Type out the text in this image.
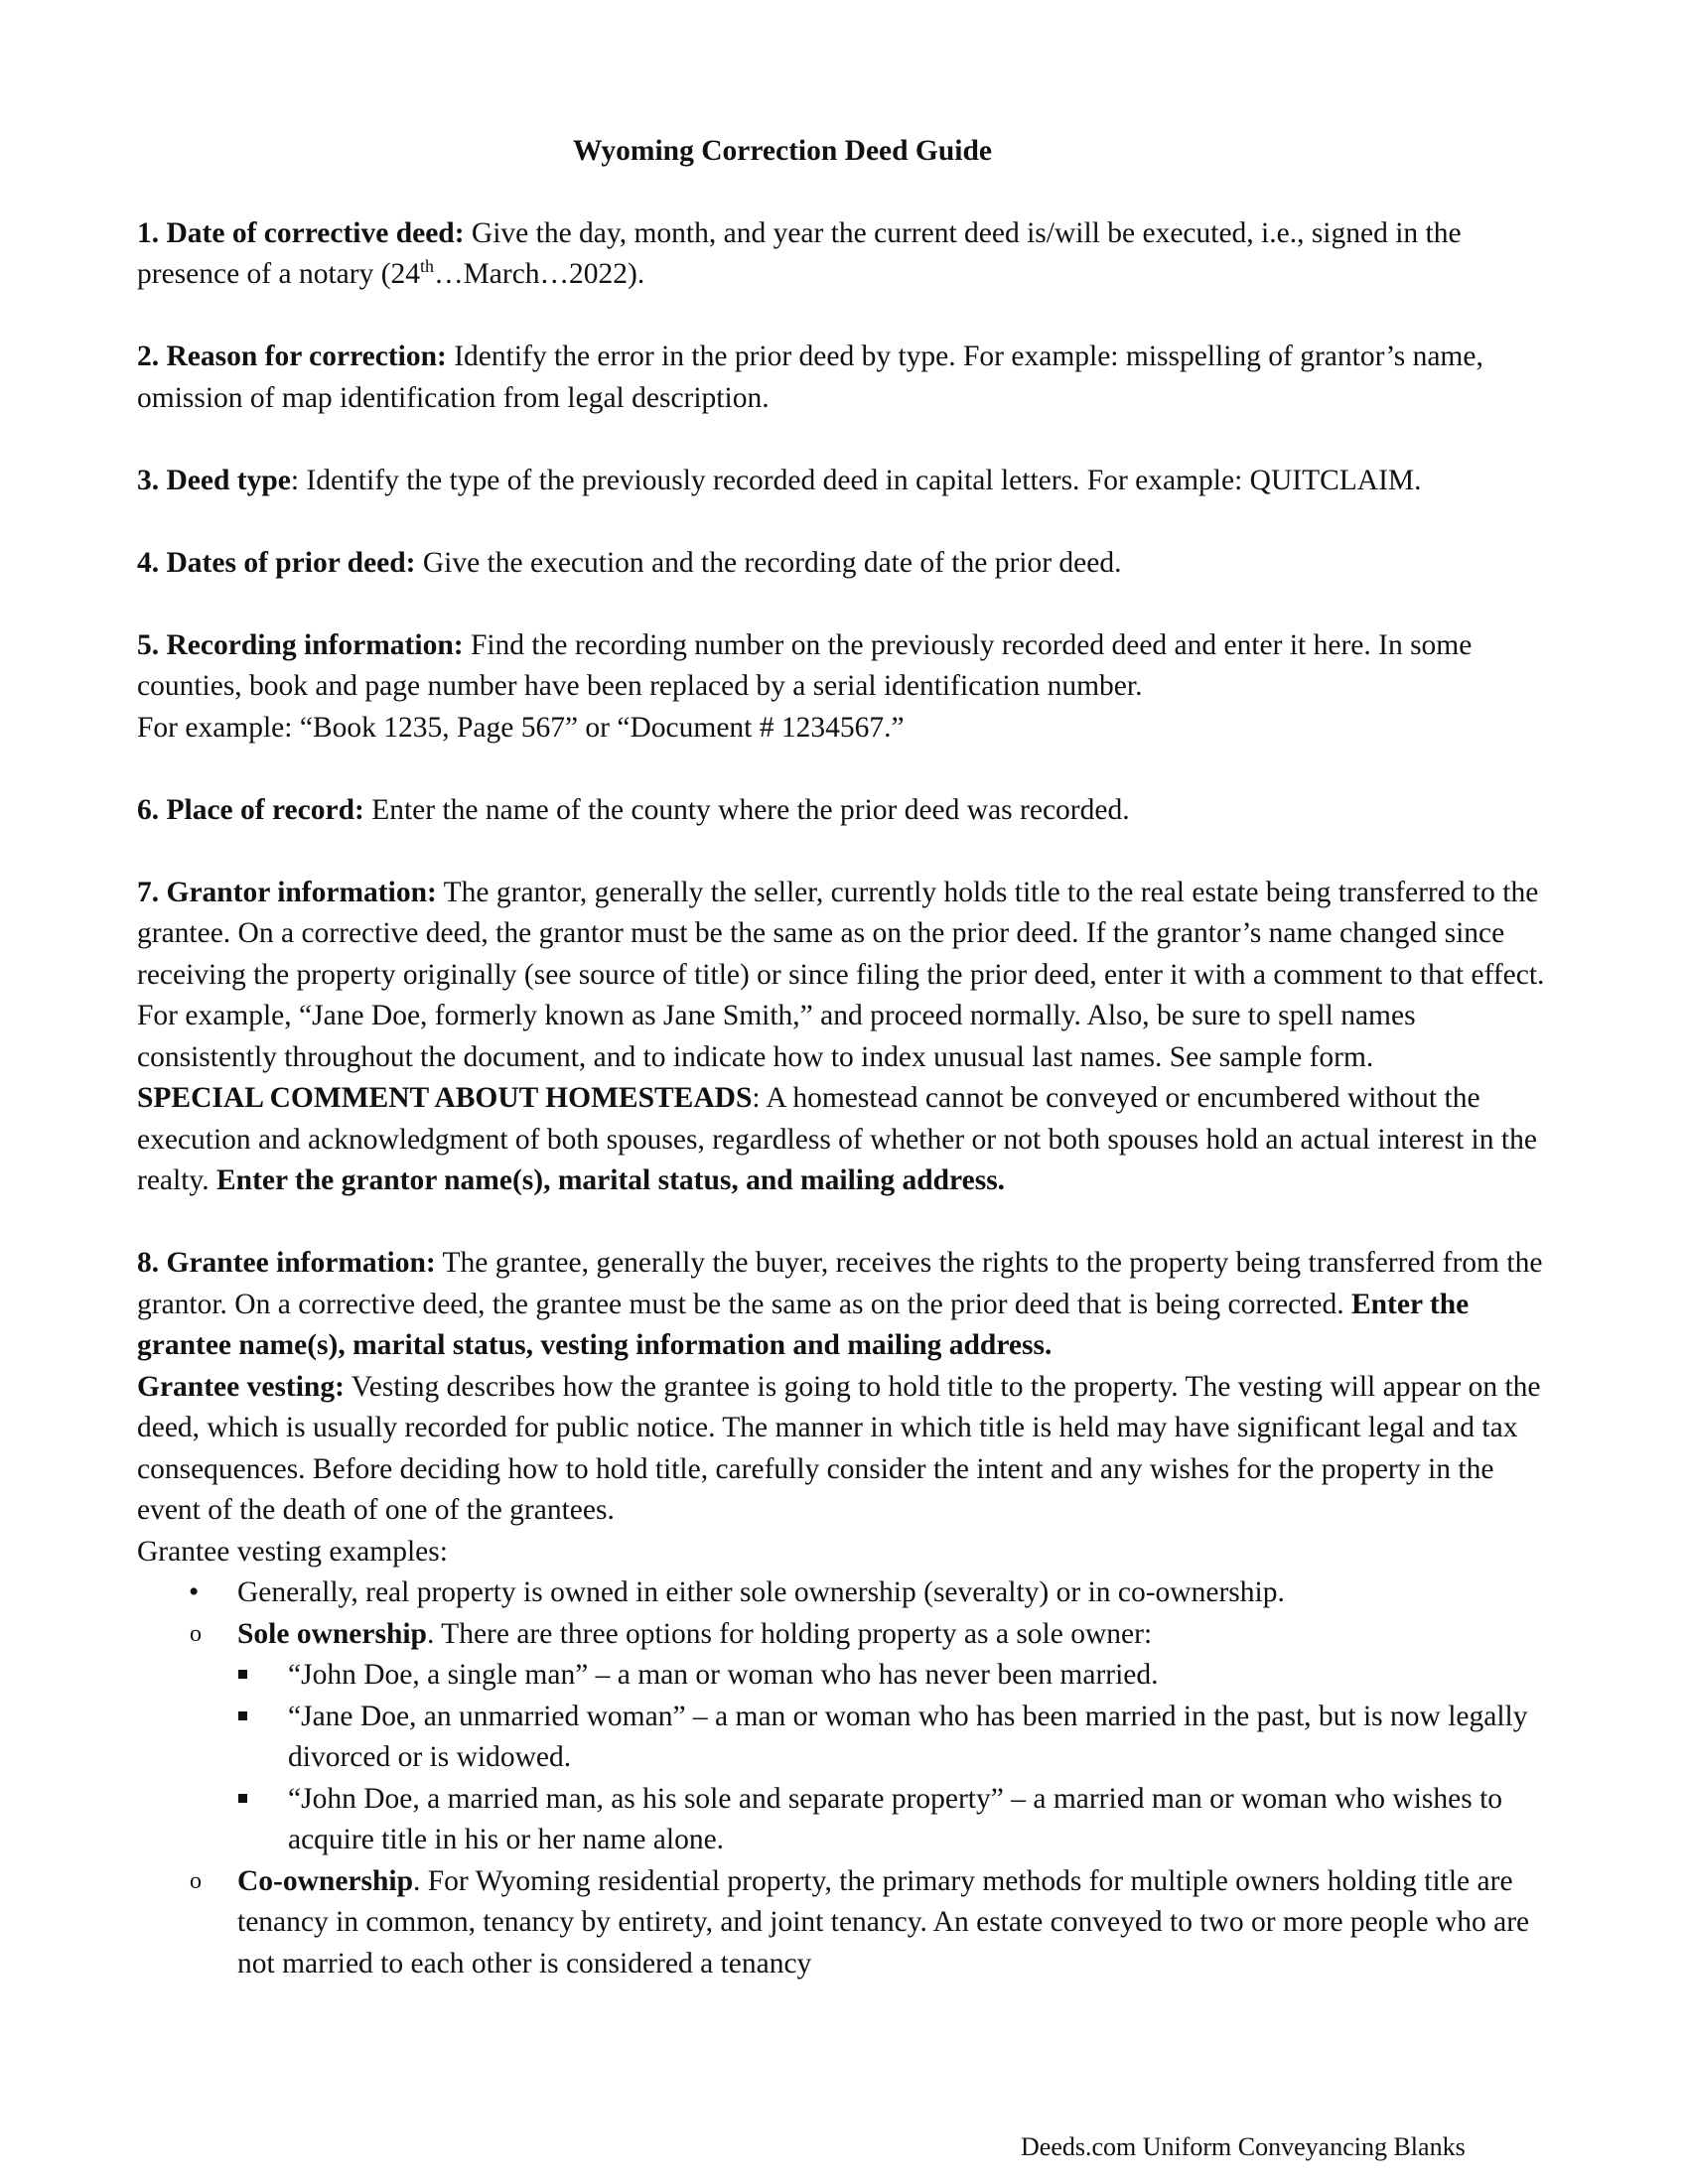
Wyoming Correction Deed Guide

1. Date of corrective deed: Give the day, month, and year the current deed is/will be executed, i.e., signed in the presence of a notary (24th…March…2022).

2. Reason for correction: Identify the error in the prior deed by type. For example: misspelling of grantor’s name, omission of map identification from legal description.

3. Deed type: Identify the type of the previously recorded deed in capital letters. For example: QUITCLAIM.

4. Dates of prior deed: Give the execution and the recording date of the prior deed.

5. Recording information: Find the recording number on the previously recorded deed and enter it here. In some counties, book and page number have been replaced by a serial identification number.

For example: “Book 1235, Page 567” or “Document # 1234567.”

6. Place of record: Enter the name of the county where the prior deed was recorded.

7. Grantor information: The grantor, generally the seller, currently holds title to the real estate being transferred to the grantee. On a corrective deed, the grantor must be the same as on the prior deed. If the grantor’s name changed since receiving the property originally (see source of title) or since filing the prior deed, enter it with a comment to that effect. For example, “Jane Doe, formerly known as Jane Smith,” and proceed normally. Also, be sure to spell names consistently throughout the document, and to indicate how to index unusual last names. See sample form.

SPECIAL COMMENT ABOUT HOMESTEADS: A homestead cannot be conveyed or encumbered without the execution and acknowledgment of both spouses, regardless of whether or not both spouses hold an actual interest in the realty. Enter the grantor name(s), marital status, and mailing address.

8. Grantee information: The grantee, generally the buyer, receives the rights to the property being transferred from the grantor. On a corrective deed, the grantee must be the same as on the prior deed that is being corrected. Enter the grantee name(s), marital status, vesting information and mailing address.

Grantee vesting: Vesting describes how the grantee is going to hold title to the property. The vesting will appear on the deed, which is usually recorded for public notice. The manner in which title is held may have significant legal and tax consequences. Before deciding how to hold title, carefully consider the intent and any wishes for the property in the event of the death of one of the grantees.

Grantee vesting examples:

• Generally, real property is owned in either sole ownership (severalty) or in co-ownership.
o Sole ownership. There are three options for holding property as a sole owner:
“John Doe, a single man” – a man or woman who has never been married.
“Jane Doe, an unmarried woman” – a man or woman who has been married in the past, but is now legally divorced or is widowed.
“John Doe, a married man, as his sole and separate property” – a married man or woman who wishes to acquire title in his or her name alone.
o Co-ownership. For Wyoming residential property, the primary methods for multiple owners holding title are tenancy in common, tenancy by entirety, and joint tenancy. An estate conveyed to two or more people who are not married to each other is considered a tenancy
Deeds.com Uniform Conveyancing Blanks
